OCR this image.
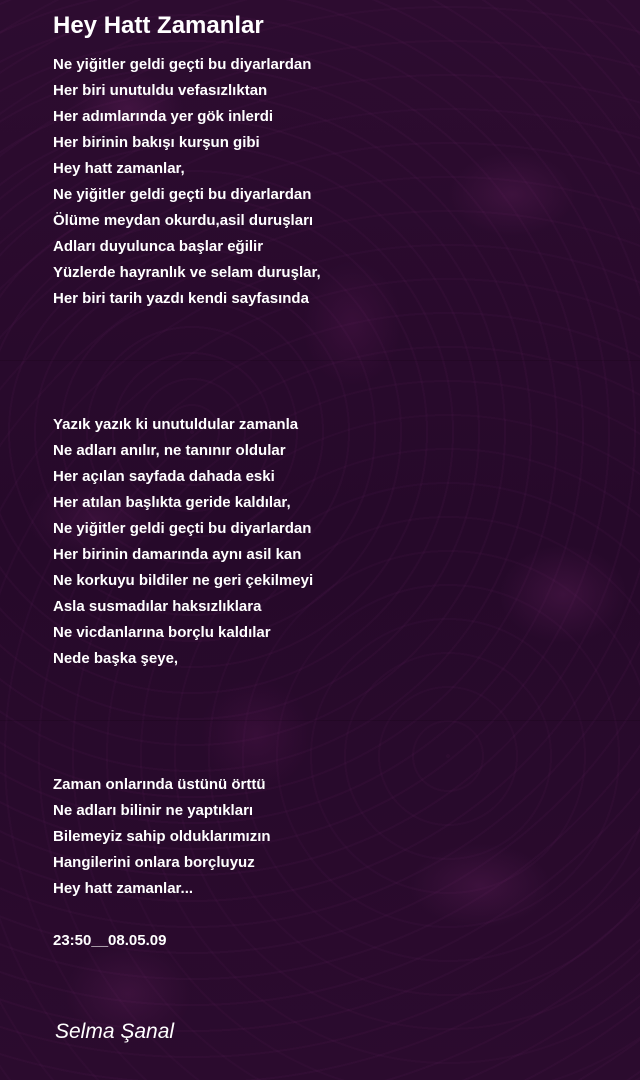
Hey Hatt Zamanlar
Ne yiğitler geldi geçti bu diyarlardan
Her biri unutuldu vefasızlıktan
Her adımlarında yer gök inlerdi
Her birinin bakışı kurşun gibi
Hey hatt zamanlar,
Ne yiğitler geldi geçti bu diyarlardan
Ölüme meydan okurdu,asil duruşları
Adları duyulunca başlar eğilir
Yüzlerde hayranlık ve selam duruşlar,
Her biri tarih yazdı kendi sayfasında
Yazık yazık ki unutuldular zamanla
Ne adları anılır, ne tanınır oldular
Her açılan sayfada dahada eski
Her atılan başlıkta geride kaldılar,
Ne yiğitler geldi geçti bu diyarlardan
Her birinin damarında aynı asil kan
Ne korkuyu bildiler ne geri çekilmeyi
Asla susmadılar haksızlıklara
Ne vicdanlarına borçlu kaldılar
Nede başka şeye,
Zaman onlarında üstünü örttü
Ne adları bilinir ne yaptıkları
Bilemeyiz sahip olduklarımızın
Hangilerini onlara borçluyuz
Hey hatt zamanlar...

23:50__08.05.09

Selma Şanal
